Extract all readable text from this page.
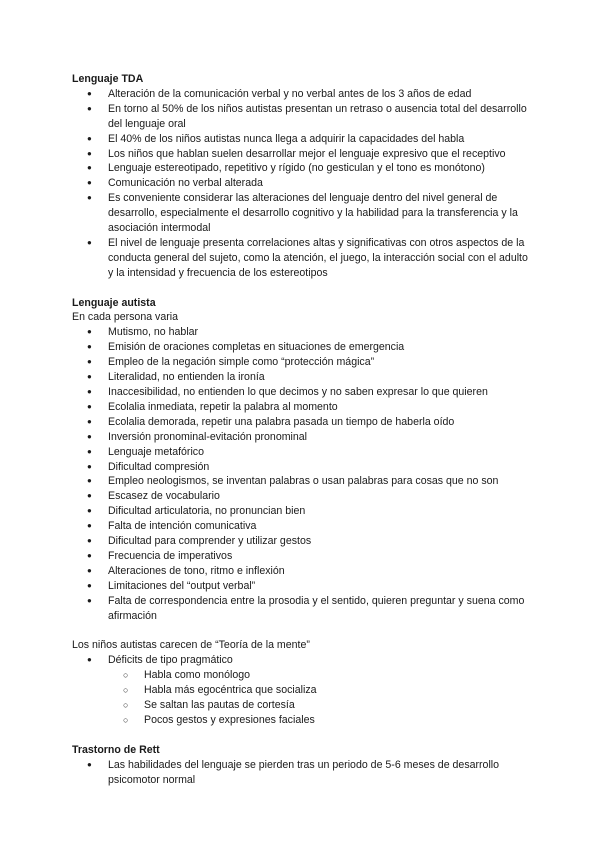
Lenguaje TDA
● Alteración de la comunicación verbal y no verbal antes de los 3 años de edad
● En torno al 50% de los niños autistas presentan un retraso o ausencia total del desarrollo del lenguaje oral
● El 40% de los niños autistas nunca llega a adquirir la capacidades del habla
● Los niños que hablan suelen desarrollar mejor el lenguaje expresivo que el receptivo
● Lenguaje estereotipado, repetitivo y rígido (no gesticulan y el tono es monótono)
● Comunicación no verbal alterada
● Es conveniente considerar las alteraciones del lenguaje dentro del nivel general de desarrollo, especialmente el desarrollo cognitivo y la habilidad para la transferencia y la asociación intermodal
● El nivel de lenguaje presenta correlaciones altas y significativas con otros aspectos de la conducta general del sujeto, como la atención, el juego, la interacción social con el adulto y la intensidad y frecuencia de los estereotipos
Lenguaje autista

En cada persona varia

● Mutismo, no hablar
● Emisión de oraciones completas en situaciones de emergencia
● Empleo de la negación simple como “protección mágica”
● Literalidad, no entienden la ironía
● Inaccesibilidad, no entienden lo que decimos y no saben expresar lo que quieren
● Ecolalia inmediata, repetir la palabra al momento
● Ecolalia demorada, repetir una palabra pasada un tiempo de haberla oído
● Inversión pronominal-evitación pronominal
● Lenguaje metafórico
● Dificultad compresión
● Empleo neologismos, se inventan palabras o usan palabras para cosas que no son
● Escasez de vocabulario
● Dificultad articulatoria, no pronuncian bien
● Falta de intención comunicativa
● Dificultad para comprender y utilizar gestos
● Frecuencia de imperativos
● Alteraciones de tono, ritmo e inflexión
● Limitaciones del “output verbal”
● Falta de correspondencia entre la prosodia y el sentido, quieren preguntar y suena como afirmación

Los niños autistas carecen de “Teoría de la mente”

● Déficits de tipo pragmático
○ Habla como monólogo
○ Habla más egocéntrica que socializa
○ Se saltan las pautas de cortesía
○ Pocos gestos y expresiones faciales
Trastorno de Rett
● Las habilidades del lenguaje se pierden tras un periodo de 5-6 meses de desarrollo psicomotor normal
